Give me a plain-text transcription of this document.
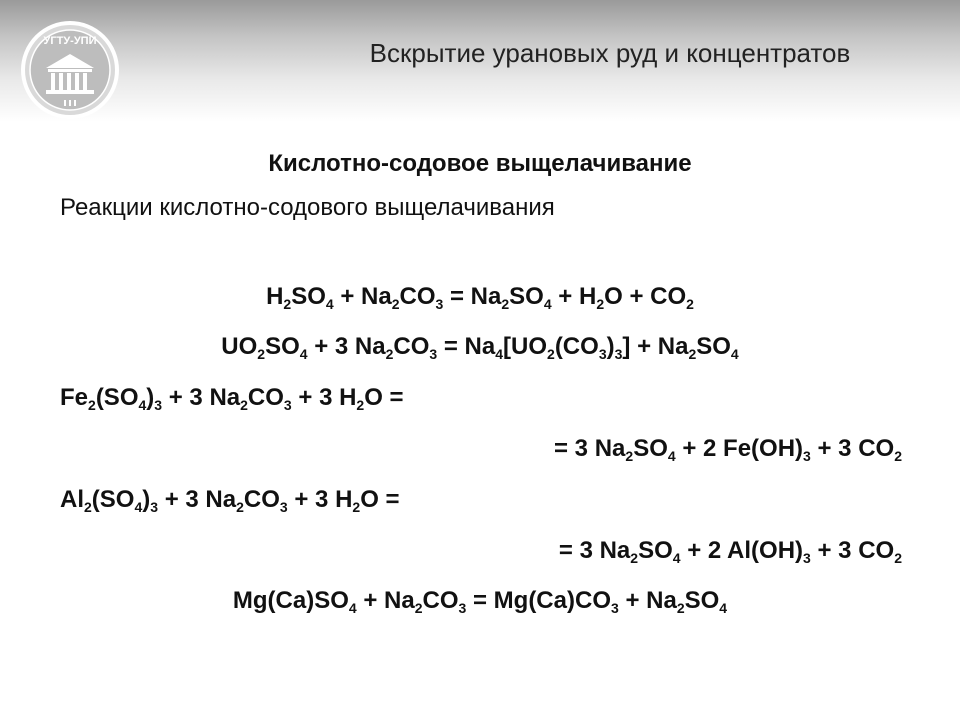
УГТУ-УПИ	Вскрытие урановых руд и концентратов
Кислотно-содовое выщелачивание
Реакции кислотно-содового выщелачивания
$H_2SO_4 + Na_2CO_3 = Na_2SO_4 + H_2O + CO_2$
$UO_2SO_4 + 3$ $Na_2CO_3 = Na_4[UO_2(CO_3)_3] + Na_2SO_4$
$Fe_2(SO_4)_3 + 3$ $Na_2CO_3 + 3$ $H_2O$ =
= 3 $Na_2SO_4 + 2$ $Fe(OH)_3 + 3$ $CO_2$
$Al_2(SO_4)_3 + 3$ $Na_2CO_3 + 3$ $H_2O$ =
= 3 $Na_2SO_4 + 2$ $Al(OH)_3 + 3$ $CO_2$
$Mg(Ca)SO_4 + Na_2CO_3 = Mg(Ca)CO_3 + Na_2SO_4$
